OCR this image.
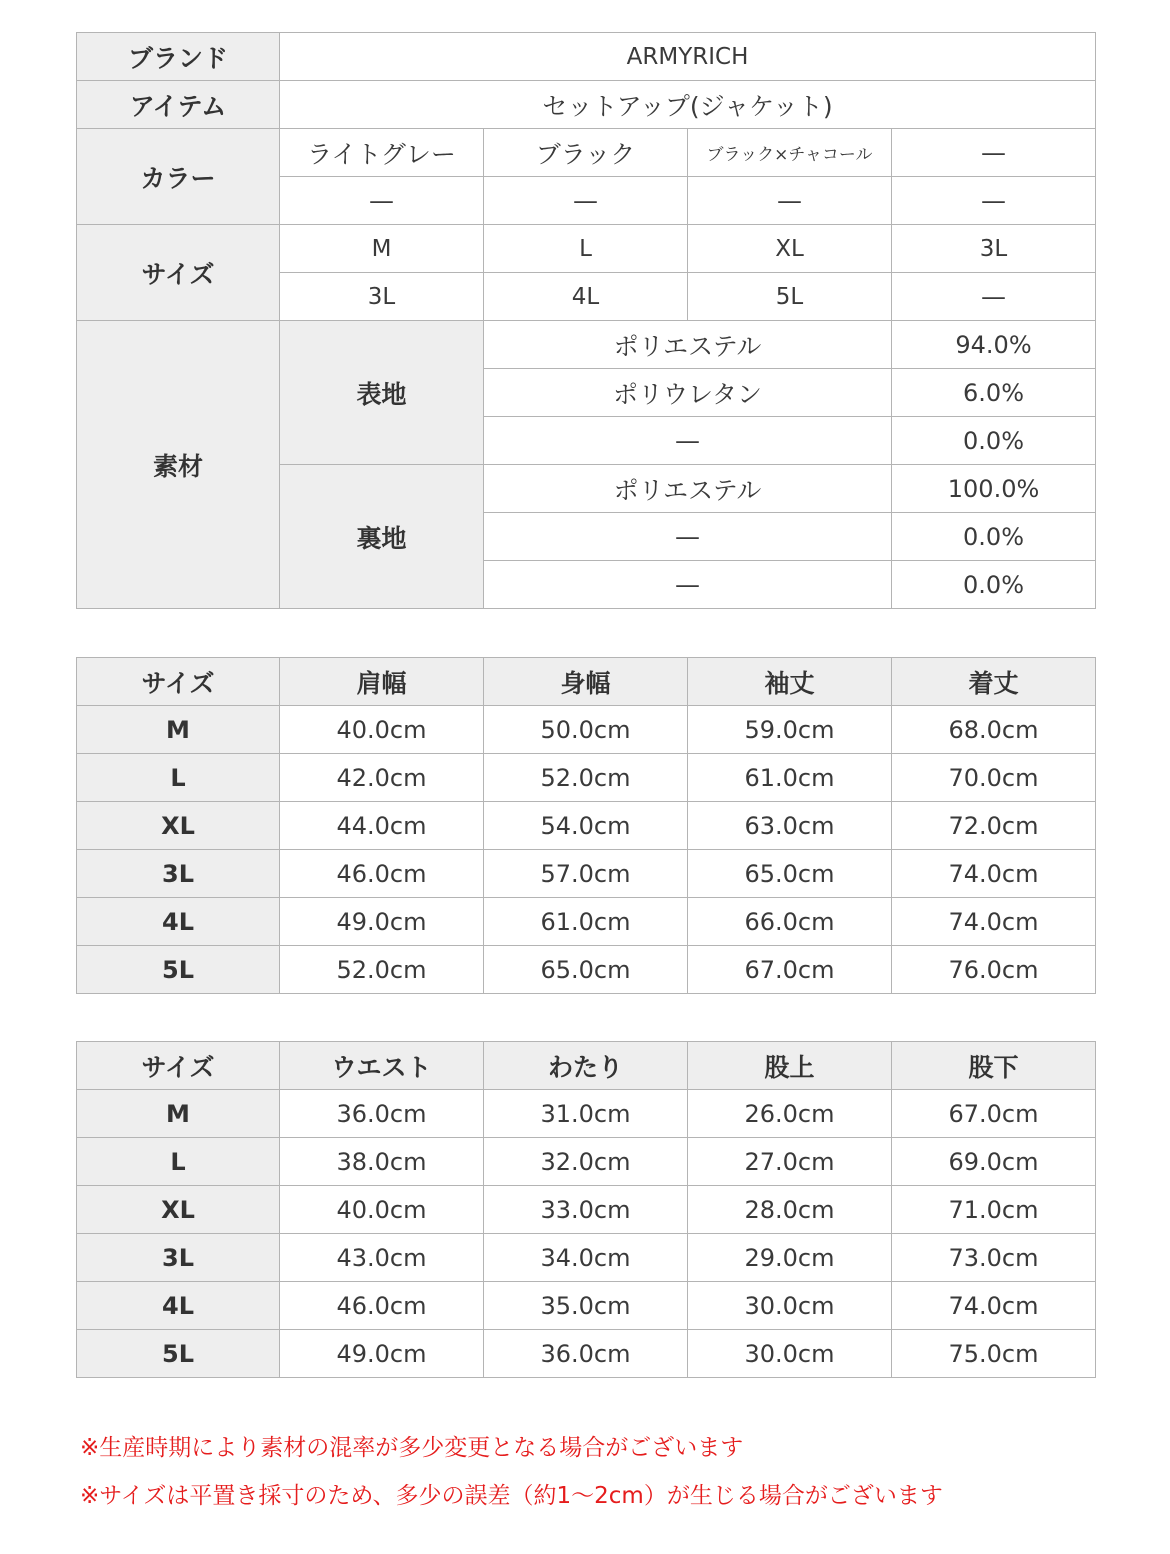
ブランド	ARMYRICH			
アイテム	セットアップ(ジャケット)			
カラー	ライトグレー	ブラック	ブラック×チャコール	—
	—	—	—	—
サイズ	M	L	XL	3L
	3L	4L	5L	—
素材	表地	ポリエステル		94.0%
		ポリウレタン		6.0%
		—		0.0%
	裏地	ポリエステル		100.0%
		—		0.0%
		—		0.0%
サイズ	肩幅	身幅	袖丈	着丈
M	40.0cm	50.0cm	59.0cm	68.0cm
L	42.0cm	52.0cm	61.0cm	70.0cm
XL	44.0cm	54.0cm	63.0cm	72.0cm
3L	46.0cm	57.0cm	65.0cm	74.0cm
4L	49.0cm	61.0cm	66.0cm	74.0cm
5L	52.0cm	65.0cm	67.0cm	76.0cm
サイズ	ウエスト	わたり	股上	股下
M	36.0cm	31.0cm	26.0cm	67.0cm
L	38.0cm	32.0cm	27.0cm	69.0cm
XL	40.0cm	33.0cm	28.0cm	71.0cm
3L	43.0cm	34.0cm	29.0cm	73.0cm
4L	46.0cm	35.0cm	30.0cm	74.0cm
5L	49.0cm	36.0cm	30.0cm	75.0cm
※生産時期により素材の混率が多少変更となる場合がございます
※サイズは平置き採寸のため、多少の誤差（約1～2cm）が生じる場合がございます
